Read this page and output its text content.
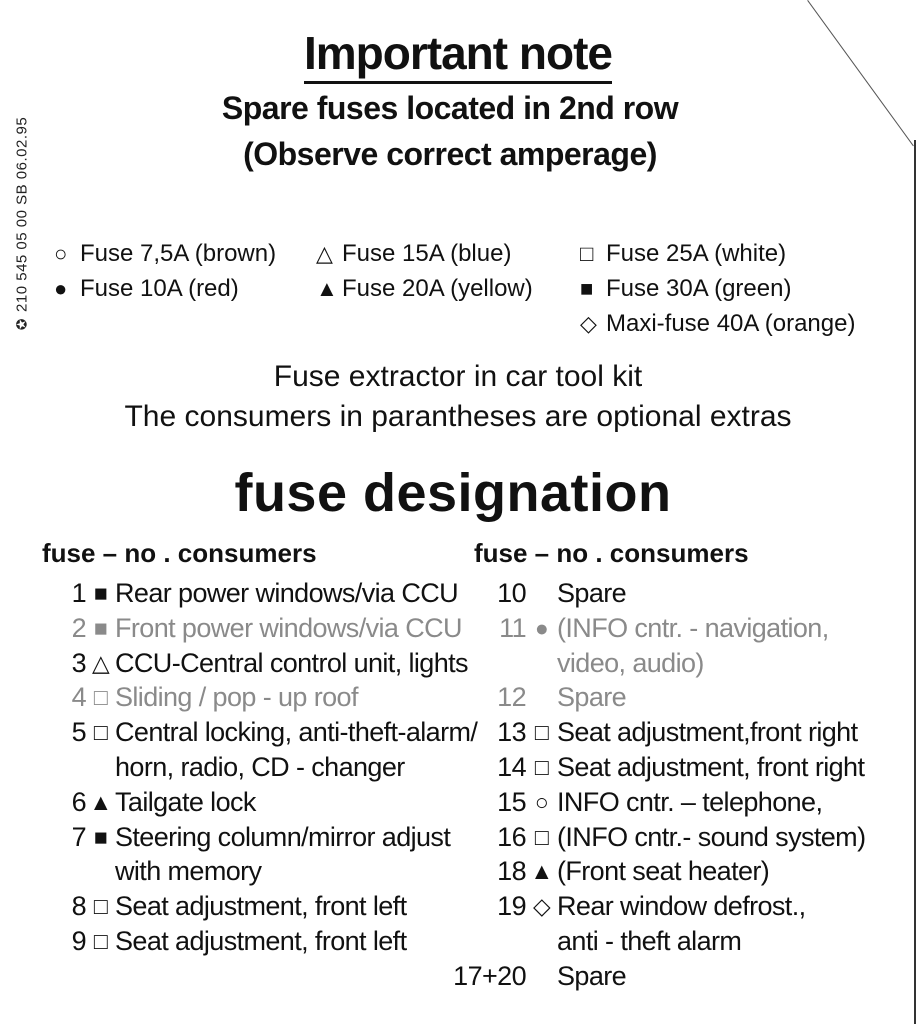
✪210 545 05 00 SB 06.02.95
Important note
Spare fuses located in 2nd row
(Observe correct amperage)
○ Fuse 7,5A (brown)
● Fuse 10A (red)
△ Fuse 15A (blue)
▲ Fuse 20A (yellow)
□ Fuse 25A (white)
■ Fuse 30A (green)
◇ Maxi-fuse 40A (orange)
Fuse extractor in car tool kit
The consumers in parantheses are optional extras
fuse designation
fuse – no . consumers	fuse – no . consumers
1 ■ Rear power windows/via CCU
2 ■ Front power windows/via CCU
3 △ CCU-Central control unit, lights
4 □ Sliding / pop - up roof
5 □ Central locking, anti-theft-alarm/
horn, radio, CD - changer
6 ▲ Tailgate lock
7 ■ Steering column/mirror adjust
with memory
8 □ Seat adjustment, front left
9 □ Seat adjustment, front left
10 Spare
11 ● (INFO cntr. - navigation,
video, audio)
12 Spare
13 □ Seat adjustment,front right
14 □ Seat adjustment, front right
15 ○ INFO cntr. – telephone,
16 □ (INFO cntr.- sound system)
18 ▲ (Front seat heater)
19 ◇ Rear window defrost.,
anti - theft alarm
17+20 Spare
